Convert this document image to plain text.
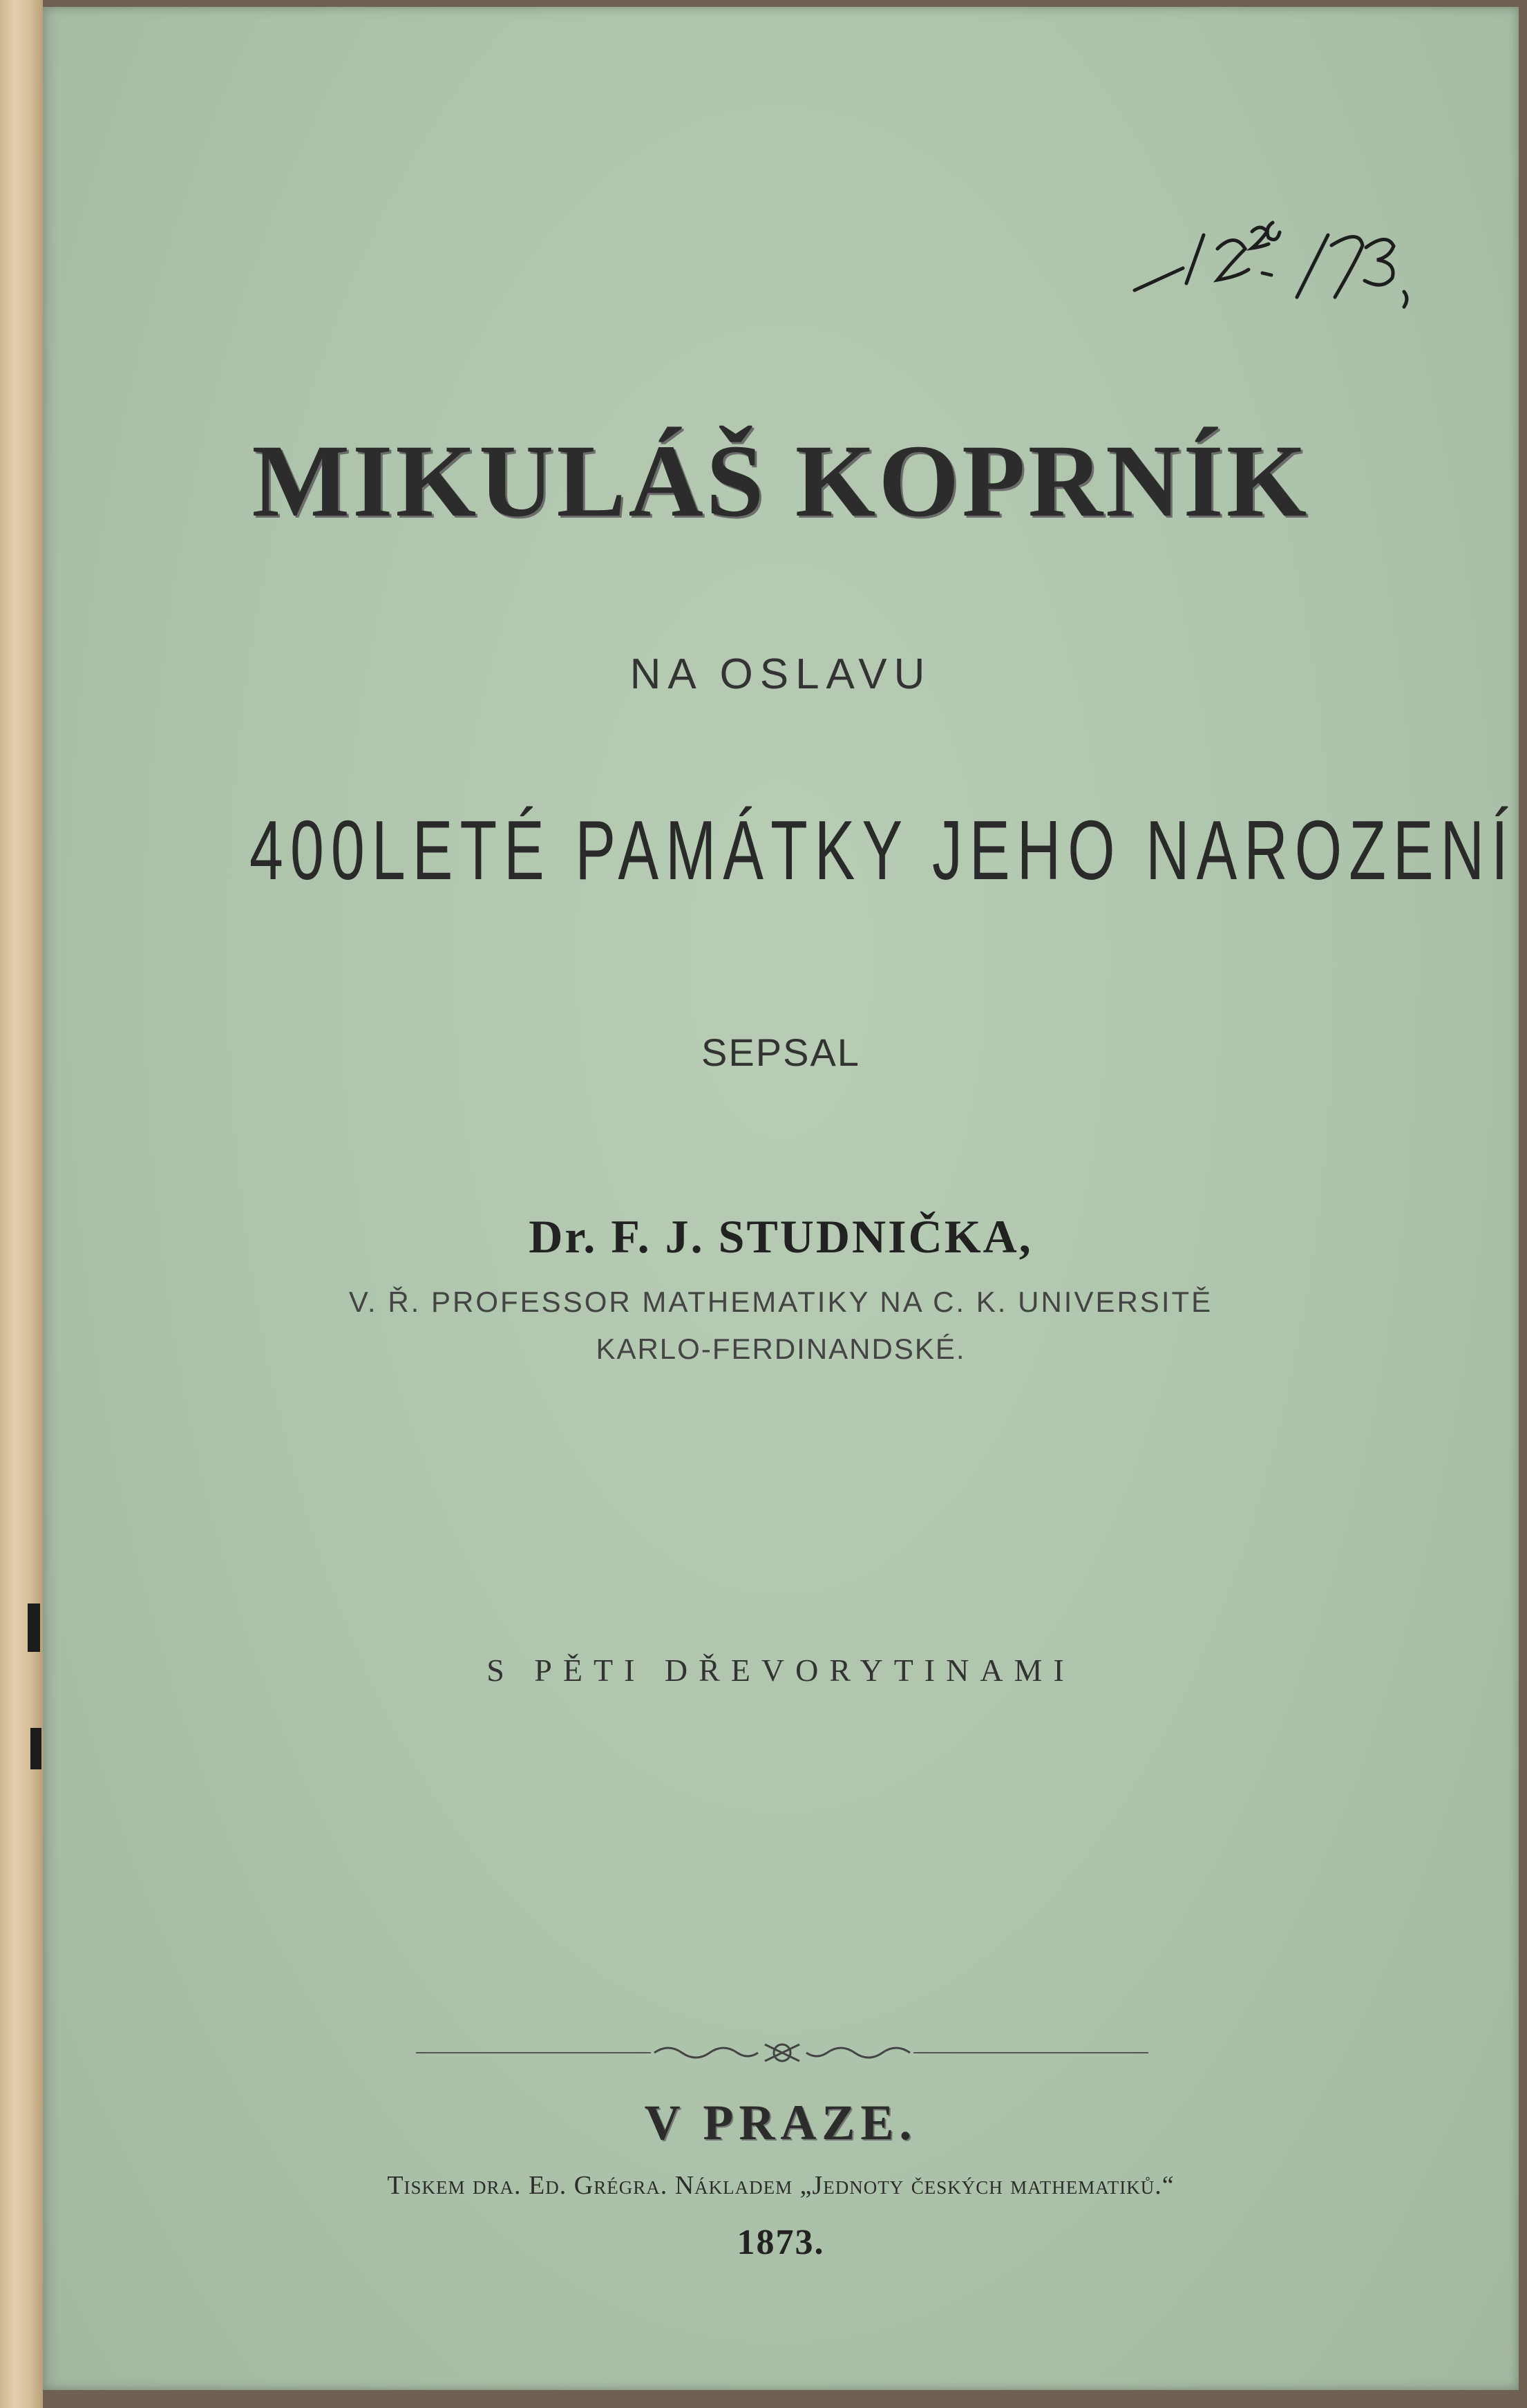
MIKULÁŠ KOPRNÍK
NA OSLAVU
400LETÉ PAMÁTKY JEHO NAROZENÍ
SEPSAL
Dr. F. J. STUDNIČKA,
V. Ř. PROFESSOR MATHEMATIKY NA C. K. UNIVERSITĚ
KARLO-FERDINANDSKÉ.
S PĚTI DŘEVORYTINAMI
V PRAZE.
Tiskem dra. Ed. Grégra. Nákladem „Jednoty českých mathematiků.“
1873.
